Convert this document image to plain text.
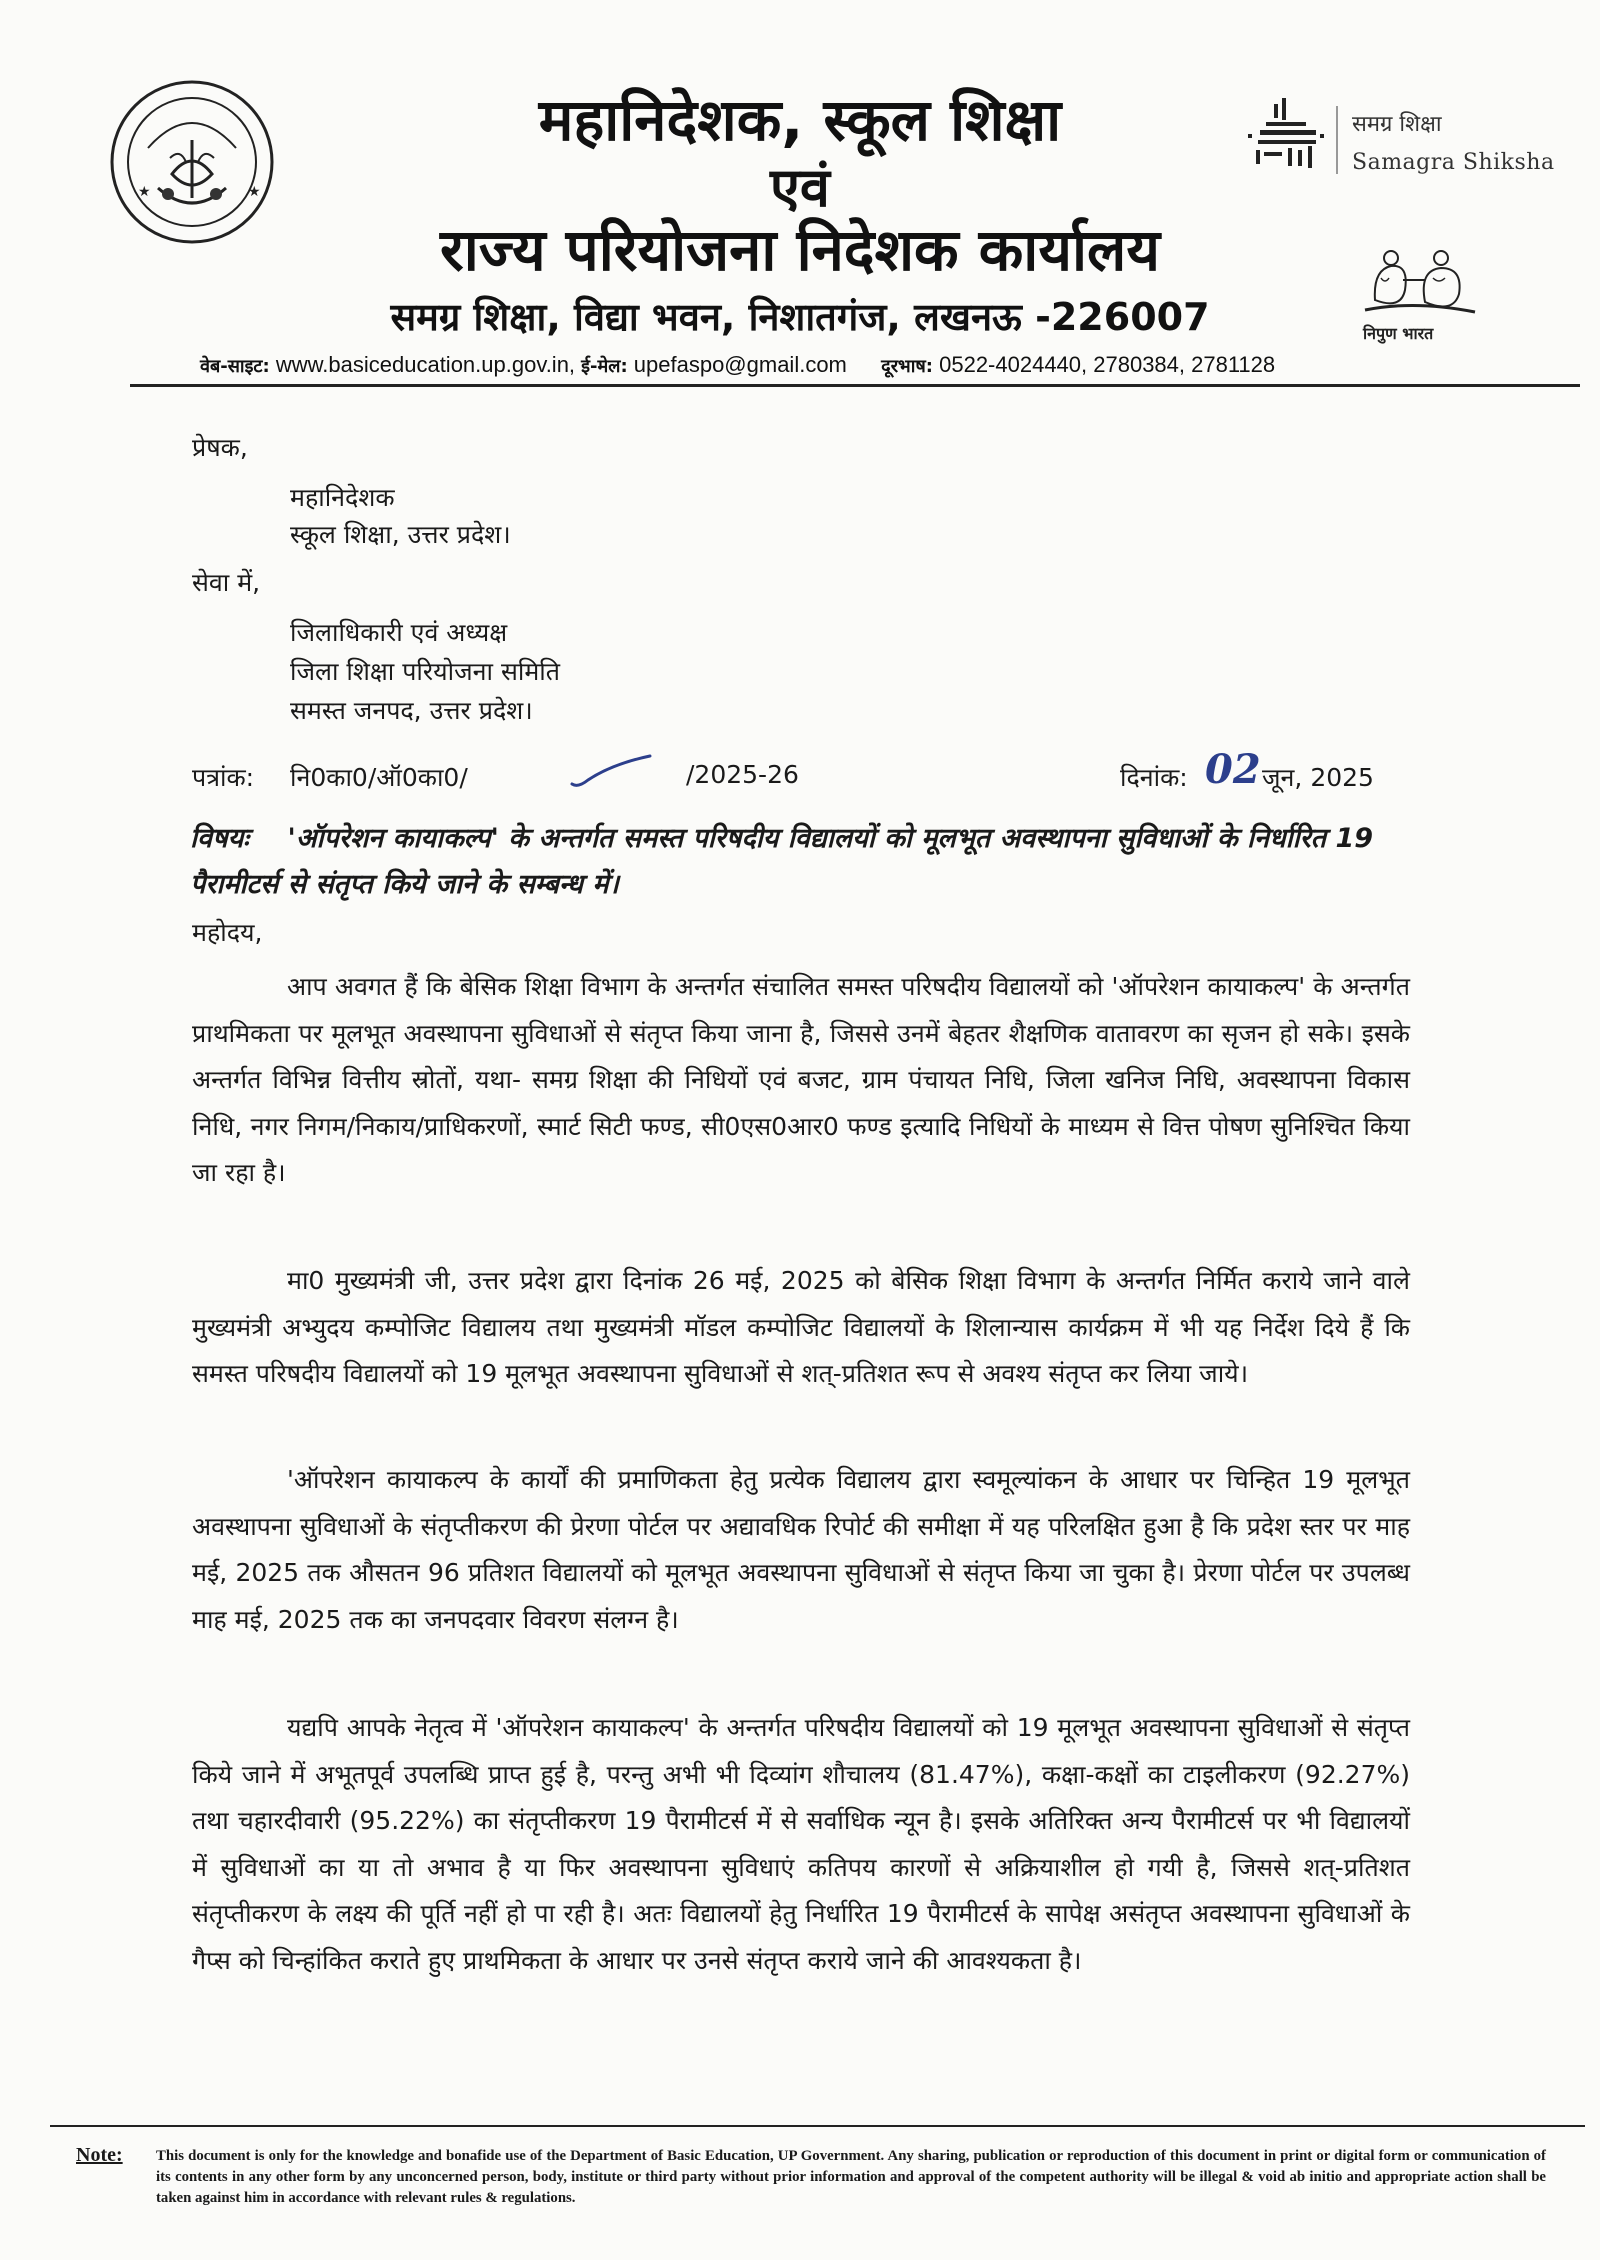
★
★
महानिदेशक, स्कूल शिक्षा
एवं
राज्य परियोजना निदेशक कार्यालय
समग्र शिक्षा, विद्या भवन, निशातगंज, लखनऊ -226007
समग्र शिक्षा
Samagra Shiksha
निपुण भारत
वेब-साइट: www.basiceducation.up.gov.in, ई-मेल: upefaspo@gmail.com दूरभाष: 0522-4024440, 2780384, 2781128
प्रेषक,
महानिदेशक
स्कूल शिक्षा, उत्तर प्रदेश।
सेवा में,
जिलाधिकारी एवं अध्यक्ष
जिला शिक्षा परियोजना समिति
समस्त जनपद, उत्तर प्रदेश।
पत्रांक: नि0का0/ऑ0का0/	/2025-26	दिनांक: 02 जून, 2025

विषयः 'ऑपरेशन कायाकल्प' के अन्तर्गत समस्त परिषदीय विद्यालयों को मूलभूत अवस्थापना सुविधाओं के निर्धारित 19 पैरामीटर्स से संतृप्त किये जाने के सम्बन्ध में।

महोदय,

आप अवगत हैं कि बेसिक शिक्षा विभाग के अन्तर्गत संचालित समस्त परिषदीय विद्यालयों को 'ऑपरेशन कायाकल्प' के अन्तर्गत प्राथमिकता पर मूलभूत अवस्थापना सुविधाओं से संतृप्त किया जाना है, जिससे उनमें बेहतर शैक्षणिक वातावरण का सृजन हो सके। इसके अन्तर्गत विभिन्न वित्तीय स्रोतों, यथा- समग्र शिक्षा की निधियों एवं बजट, ग्राम पंचायत निधि, जिला खनिज निधि, अवस्थापना विकास निधि, नगर निगम/निकाय/प्राधिकरणों, स्मार्ट सिटी फण्ड, सी0एस0आर0 फण्ड इत्यादि निधियों के माध्यम से वित्त पोषण सुनिश्चित किया जा रहा है।

मा0 मुख्यमंत्री जी, उत्तर प्रदेश द्वारा दिनांक 26 मई, 2025 को बेसिक शिक्षा विभाग के अन्तर्गत निर्मित कराये जाने वाले मुख्यमंत्री अभ्युदय कम्पोजिट विद्यालय तथा मुख्यमंत्री मॉडल कम्पोजिट विद्यालयों के शिलान्यास कार्यक्रम में भी यह निर्देश दिये हैं कि समस्त परिषदीय विद्यालयों को 19 मूलभूत अवस्थापना सुविधाओं से शत्-प्रतिशत रूप से अवश्य संतृप्त कर लिया जाये।

'ऑपरेशन कायाकल्प के कार्यों की प्रमाणिकता हेतु प्रत्येक विद्यालय द्वारा स्वमूल्यांकन के आधार पर चिन्हित 19 मूलभूत अवस्थापना सुविधाओं के संतृप्तीकरण की प्रेरणा पोर्टल पर अद्यावधिक रिपोर्ट की समीक्षा में यह परिलक्षित हुआ है कि प्रदेश स्तर पर माह मई, 2025 तक औसतन 96 प्रतिशत विद्यालयों को मूलभूत अवस्थापना सुविधाओं से संतृप्त किया जा चुका है। प्रेरणा पोर्टल पर उपलब्ध माह मई, 2025 तक का जनपदवार विवरण संलग्न है।

यद्यपि आपके नेतृत्व में 'ऑपरेशन कायाकल्प' के अन्तर्गत परिषदीय विद्यालयों को 19 मूलभूत अवस्थापना सुविधाओं से संतृप्त किये जाने में अभूतपूर्व उपलब्धि प्राप्त हुई है, परन्तु अभी भी दिव्यांग शौचालय (81.47%), कक्षा-कक्षों का टाइलीकरण (92.27%) तथा चहारदीवारी (95.22%) का संतृप्तीकरण 19 पैरामीटर्स में से सर्वाधिक न्यून है। इसके अतिरिक्त अन्य पैरामीटर्स पर भी विद्यालयों में सुविधाओं का या तो अभाव है या फिर अवस्थापना सुविधाएं कतिपय कारणों से अक्रियाशील हो गयी है, जिससे शत्-प्रतिशत संतृप्तीकरण के लक्ष्य की पूर्ति नहीं हो पा रही है। अतः विद्यालयों हेतु निर्धारित 19 पैरामीटर्स के सापेक्ष असंतृप्त अवस्थापना सुविधाओं के गैप्स को चिन्हांकित कराते हुए प्राथमिकता के आधार पर उनसे संतृप्त कराये जाने की आवश्यकता है।

Note: This document is only for the knowledge and bonafide use of the Department of Basic Education, UP Government. Any sharing, publication or reproduction of this document in print or digital form or communication of its contents in any other form by any unconcerned person, body, institute or third party without prior information and approval of the competent authority will be illegal & void ab initio and appropriate action shall be taken against him in accordance with relevant rules & regulations.
